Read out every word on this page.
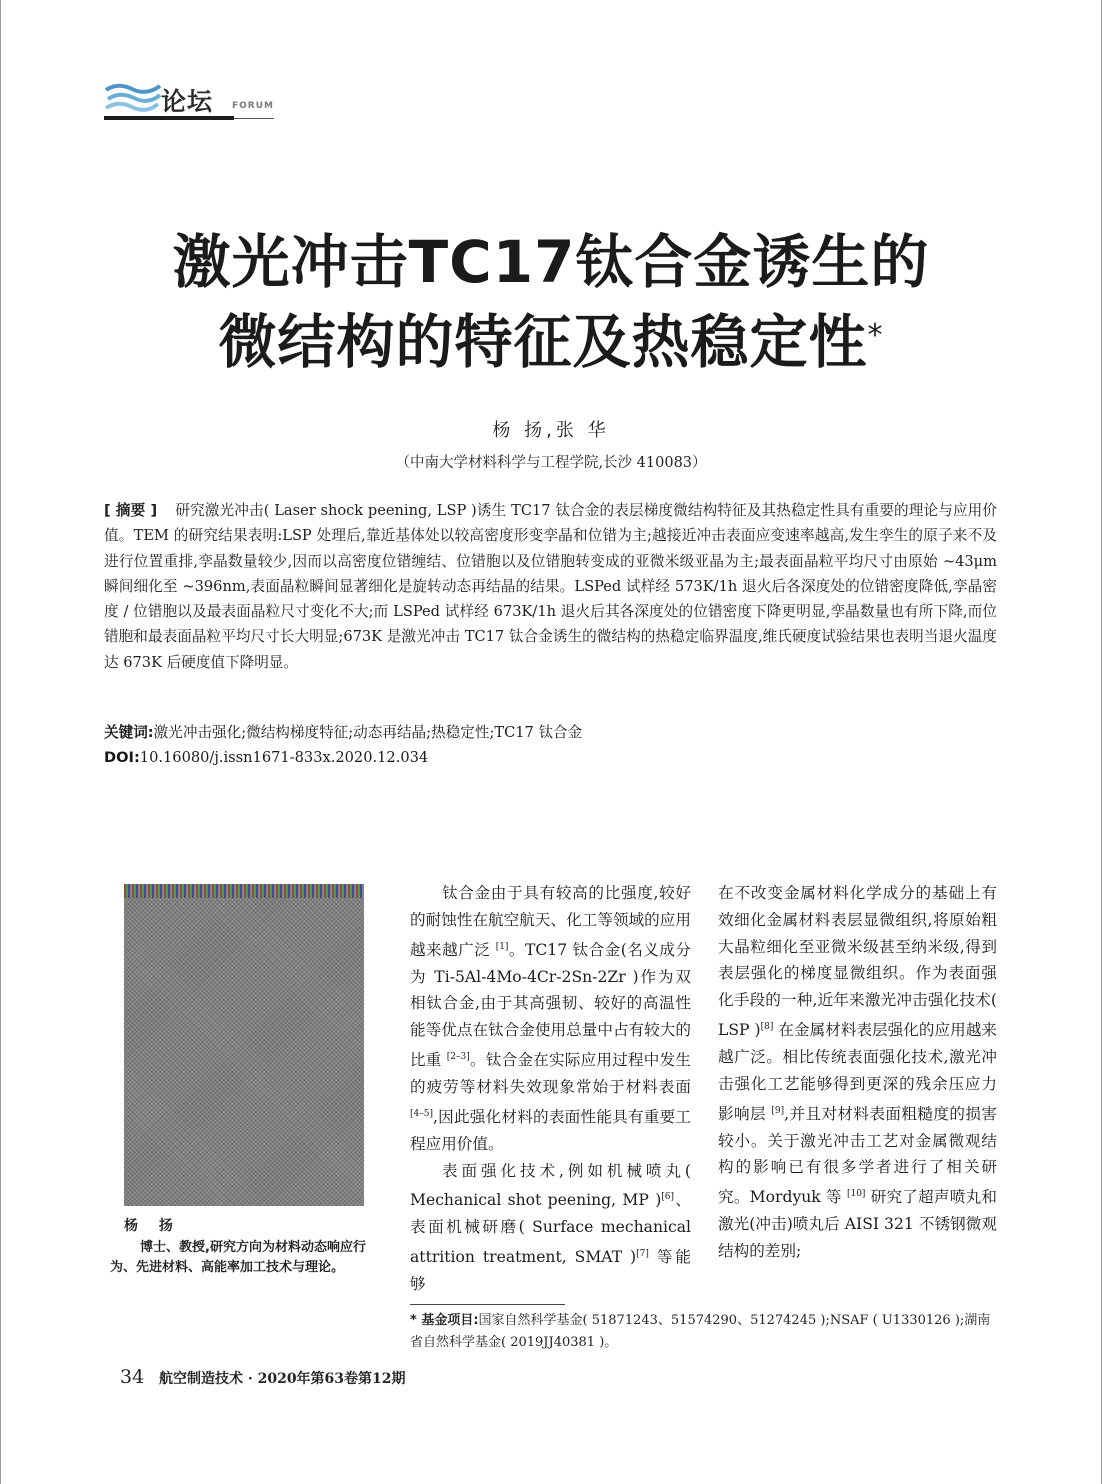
论坛 FORUM
激光冲击TC17钛合金诱生的
微结构的特征及热稳定性*
杨 扬,张 华
（中南大学材料科学与工程学院,长沙 410083）
[ 摘要 ] 研究激光冲击( Laser shock peening, LSP )诱生 TC17 钛合金的表层梯度微结构特征及其热稳定性具有重要的理论与应用价值。TEM 的研究结果表明:LSP 处理后,靠近基体处以较高密度形变孪晶和位错为主;越接近冲击表面应变速率越高,发生孪生的原子来不及进行位置重排,孪晶数量较少,因而以高密度位错缠结、位错胞以及位错胞转变成的亚微米级亚晶为主;最表面晶粒平均尺寸由原始 ~43μm 瞬间细化至 ~396nm,表面晶粒瞬间显著细化是旋转动态再结晶的结果。LSPed 试样经 573K/1h 退火后各深度处的位错密度降低,孪晶密度 / 位错胞以及最表面晶粒尺寸变化不大;而 LSPed 试样经 673K/1h 退火后其各深度处的位错密度下降更明显,孪晶数量也有所下降,而位错胞和最表面晶粒平均尺寸长大明显;673K 是激光冲击 TC17 钛合金诱生的微结构的热稳定临界温度,维氏硬度试验结果也表明当退火温度达 673K 后硬度值下降明显。
关键词:激光冲击强化;微结构梯度特征;动态再结晶;热稳定性;TC17 钛合金
DOI:10.16080/j.issn1671-833x.2020.12.034
杨 扬
博士、教授,研究方向为材料动态响应行为、先进材料、高能率加工技术与理论。

钛合金由于具有较高的比强度,较好的耐蚀性在航空航天、化工等领域的应用越来越广泛 [1]。TC17 钛合金(名义成分为 Ti-5Al-4Mo-4Cr-2Sn-2Zr )作为双相钛合金,由于其高强韧、较好的高温性能等优点在钛合金使用总量中占有较大的比重 [2–3]。钛合金在实际应用过程中发生的疲劳等材料失效现象常始于材料表面 [4–5],因此强化材料的表面性能具有重要工程应用价值。

表面强化技术,例如机械喷丸( Mechanical shot peening, MP )[6]、表面机械研磨( Surface mechanical attrition treatment, SMAT )[7] 等能够

在不改变金属材料化学成分的基础上有效细化金属材料表层显微组织,将原始粗大晶粒细化至亚微米级甚至纳米级,得到表层强化的梯度显微组织。作为表面强化手段的一种,近年来激光冲击强化技术( LSP )[8] 在金属材料表层强化的应用越来越广泛。相比传统表面强化技术,激光冲击强化工艺能够得到更深的残余压应力影响层 [9],并且对材料表面粗糙度的损害较小。关于激光冲击工艺对金属微观结构的影响已有很多学者进行了相关研究。Mordyuk 等 [10] 研究了超声喷丸和激光(冲击)喷丸后 AISI 321 不锈钢微观结构的差别;

* 基金项目:国家自然科学基金( 51871243、51574290、51274245 );NSAF ( U1330126 );湖南省自然科学基金( 2019JJ40381 )。
34 航空制造技术 · 2020年第63卷第12期
